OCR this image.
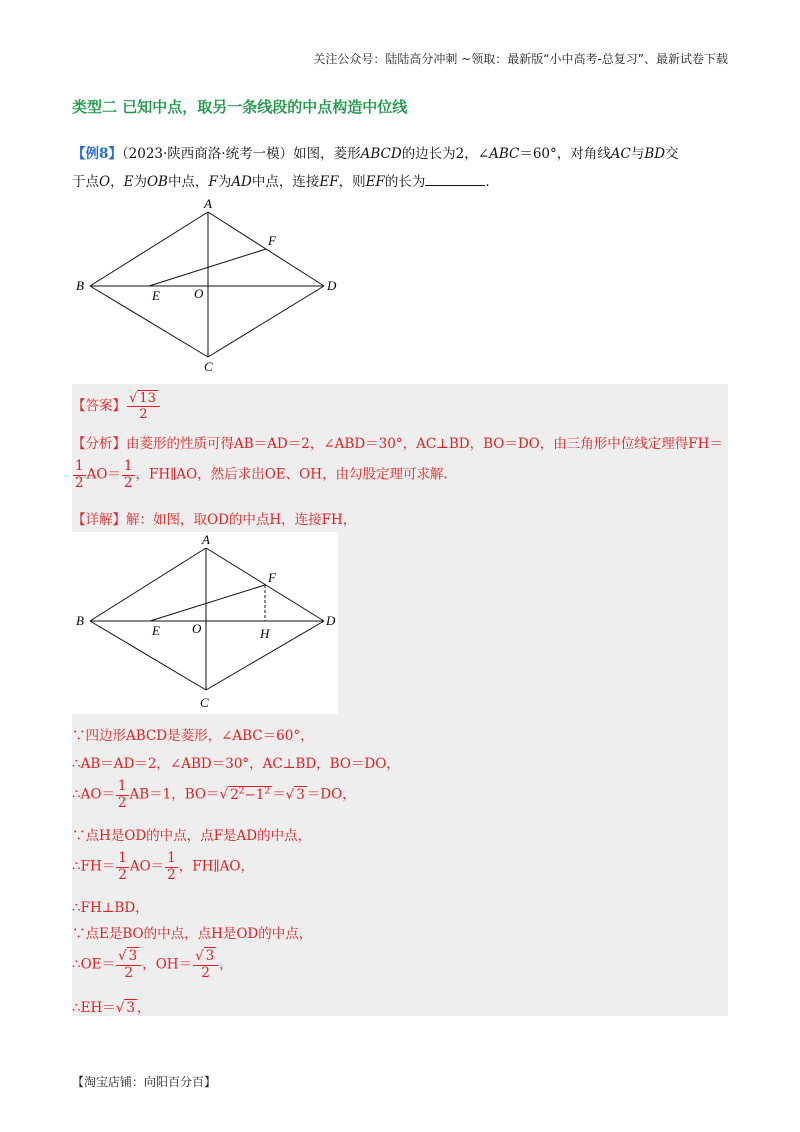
关注公众号：陆陆高分冲刺 ~领取：最新版“小中高考-总复习”、最新试卷下载
类型二 已知中点，取另一条线段的中点构造中位线
【例8】（2023·陕西商洛·统考一模）如图，菱形ABCD的边长为2，∠ABC＝60°，对角线AC与BD交
于点O，E为OB中点，F为AD中点，连接EF，则EF的长为	.
A
B
C
D
E
F
O
【答案】 $\frac{√ 13}{2}$
【分析】由菱形的性质可得AB＝AD＝2，∠ABD＝30°，AC⊥BD，BO＝DO，由三角形中位线定理得FH＝
$\frac{1}{2} AO= \frac{1}{2}$ ，FH∥AO，然后求出OE、OH，由勾股定理可求解.
【详解】解：如图，取OD的中点H，连接FH，
A
B
C
D
E
F
O	H
∵四边形ABCD是菱形，∠ABC＝60°，
∴AB＝AD＝2，∠ABD＝30°，AC⊥BD，BO＝DO，
∴AO＝ $\frac{1}{2} AB=1$，BO＝√ $2^2-1^2$ ＝√ 3 ＝DO，
∵点H是OD的中点，点F是AD的中点，
∴FH＝ $\frac{1}{2} AO= \frac{1}{2}$ ，FH∥AO，
∴FH⊥BD，
∵点E是BO的中点，点H是OD的中点，
∴OE＝ $\frac{√ 3}{2}$ ，$OH= \frac{√ 3}{2}$ ，
∴EH＝√ 3 ，
【淘宝店铺：向阳百分百】
